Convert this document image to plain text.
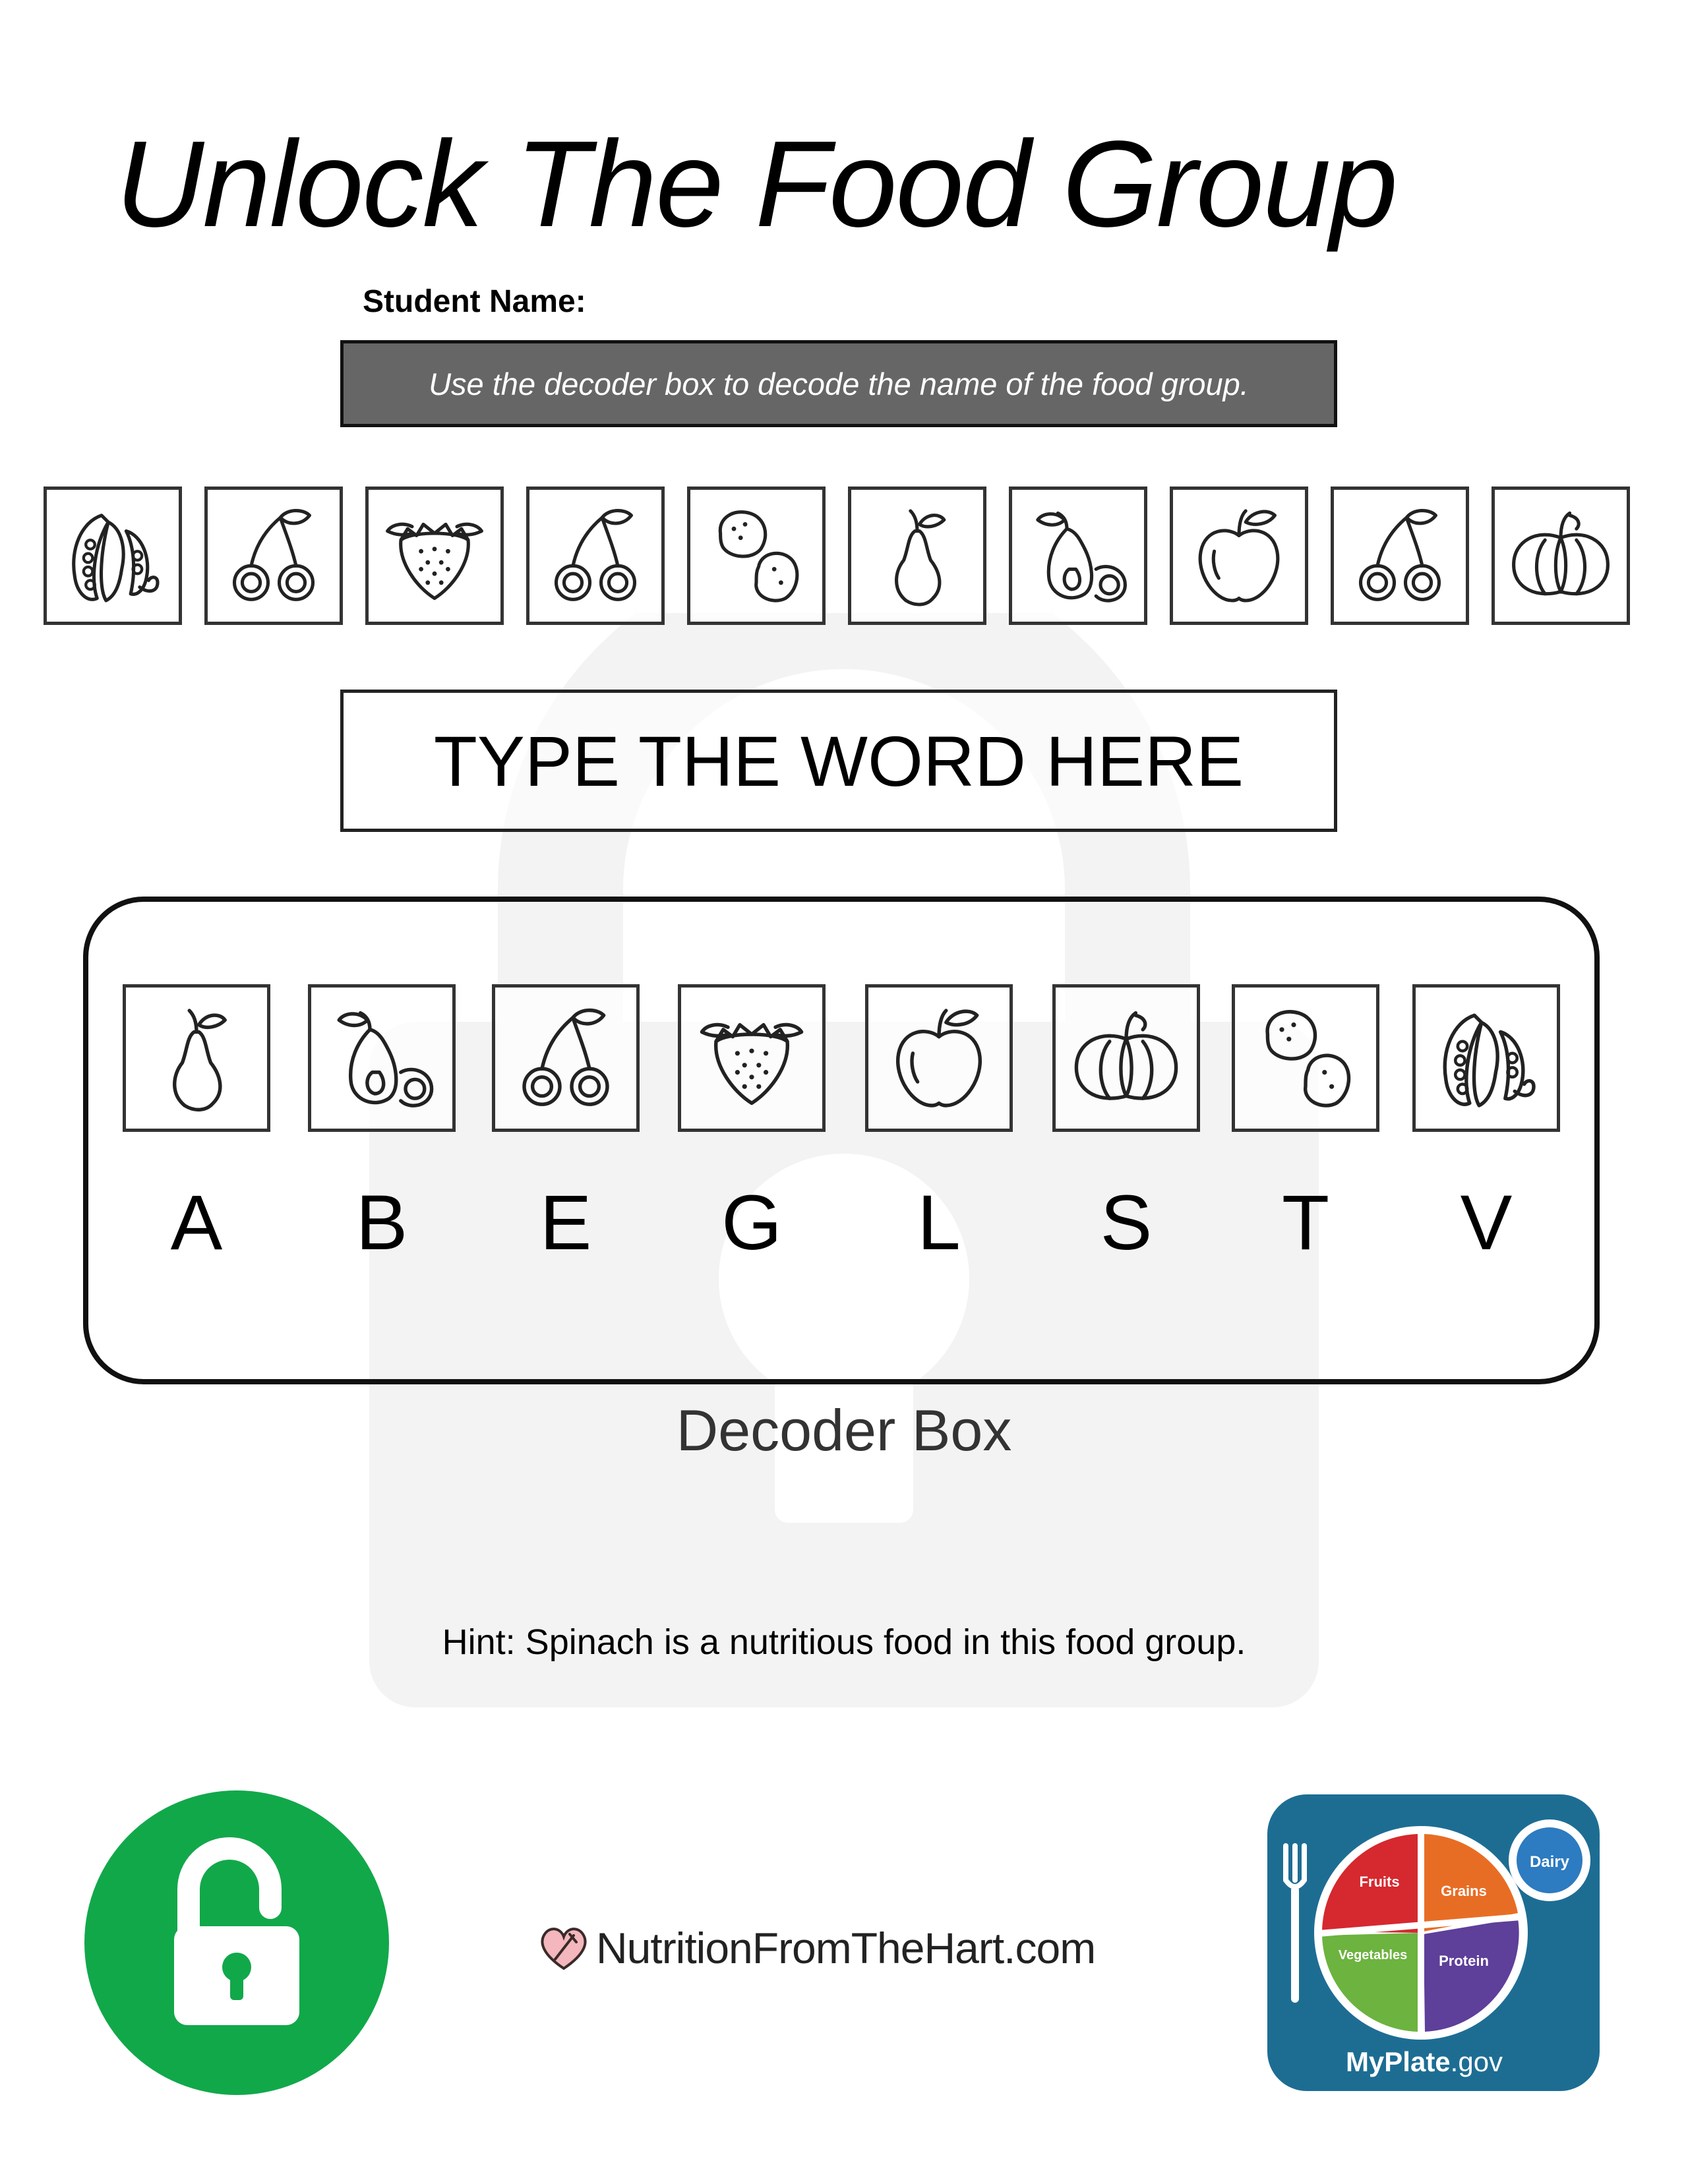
Unlock The Food Group
Student Name:
Use the decoder box to decode the name of the food group.
TYPE THE WORD HERE
A	B	E	G	L	S	T	V
Decoder Box
Hint: Spinach is a nutritious food in this food group.
NutritionFromTheHart.com
Dairy
Fruits
Grains
Vegetables Protein
MyPlate.gov
